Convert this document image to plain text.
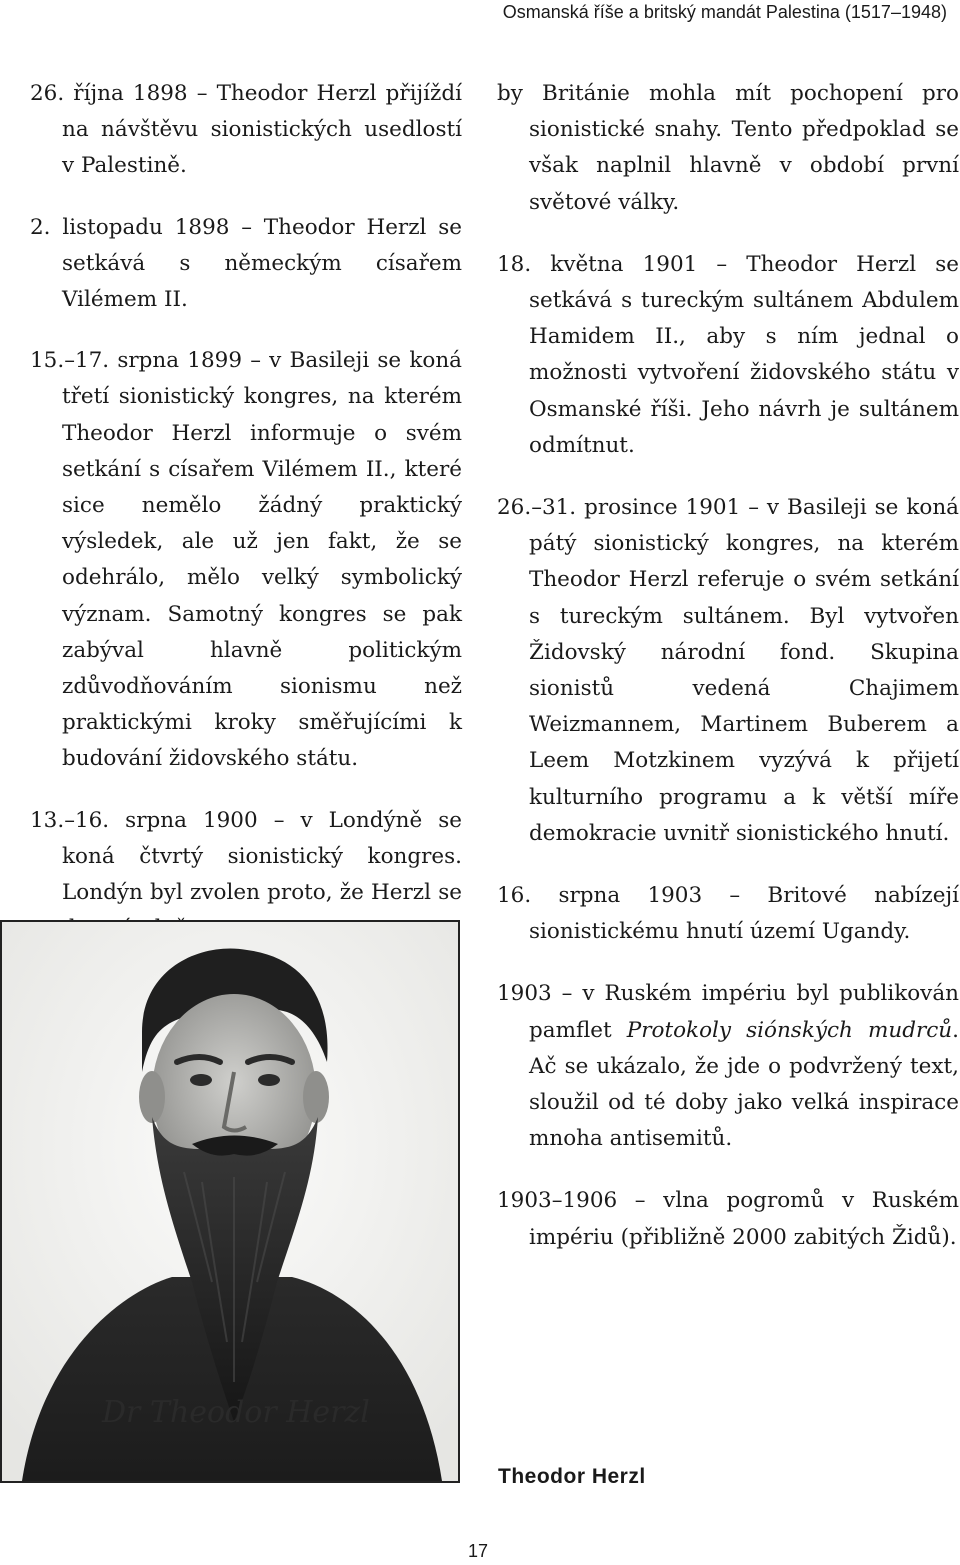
Osmanská říše a britský mandát Palestina (1517–1948)

26. října 1898 – Theodor Herzl přijíždí na návštěvu sionistických usedlostí v Palestině.

2. listopadu 1898 – Theodor Herzl se setkává s německým císařem Vilémem II.

15.–17. srpna 1899 – v Basileji se koná třetí sionistický kongres, na kterém Theodor Herzl informuje o svém setkání s císařem Vilémem II., které sice nemělo žádný praktický výsledek, ale už jen fakt, že se odehrálo, mělo velký symbolický význam. Samotný kongres se pak zabýval hlavně politickým zdůvodňováním sionismu než praktickými kroky směřujícími k budování židovského státu.

13.–16. srpna 1900 – v Londýně se koná čtvrtý sionistický kongres. Londýn byl zvolen proto, že Herzl se

by Británie mohla mít pochopení pro sionistické snahy. Tento předpoklad se však naplnil hlavně v období první světové války.

18. května 1901 – Theodor Herzl se setkává s tureckým sultánem Abdulem Hamidem II., aby s ním jednal o možnosti vytvoření židovského státu v Osmanské říši. Jeho návrh je sultánem odmítnut.

26.–31. prosince 1901 – v Basileji se koná pátý sionistický kongres, na kterém Theodor Herzl referuje o svém setkání s tureckým sultánem. Byl vytvořen Židovský národní fond. Skupina sionistů vedená Chajimem Weizmannem, Martinem Buberem a Leem Motzkinem vyzývá k přijetí kulturního programu a k větší míře demokracie uvnitř sionistického hnutí.

16. srpna 1903 – Britové nabízejí sionistickému hnutí území Ugandy.

1903 – v Ruském impériu byl publikován pamflet Protokoly siónských mudrců. Ač se ukázalo, že jde o podvržený text, sloužil od té doby jako velká inspirace mnoha antisemitů.

1903–1906 – vlna pogromů v Ruském impériu (přibližně 2000 zabitých Židů).

Dr Theodor Herzl
Theodor Herzl
17
